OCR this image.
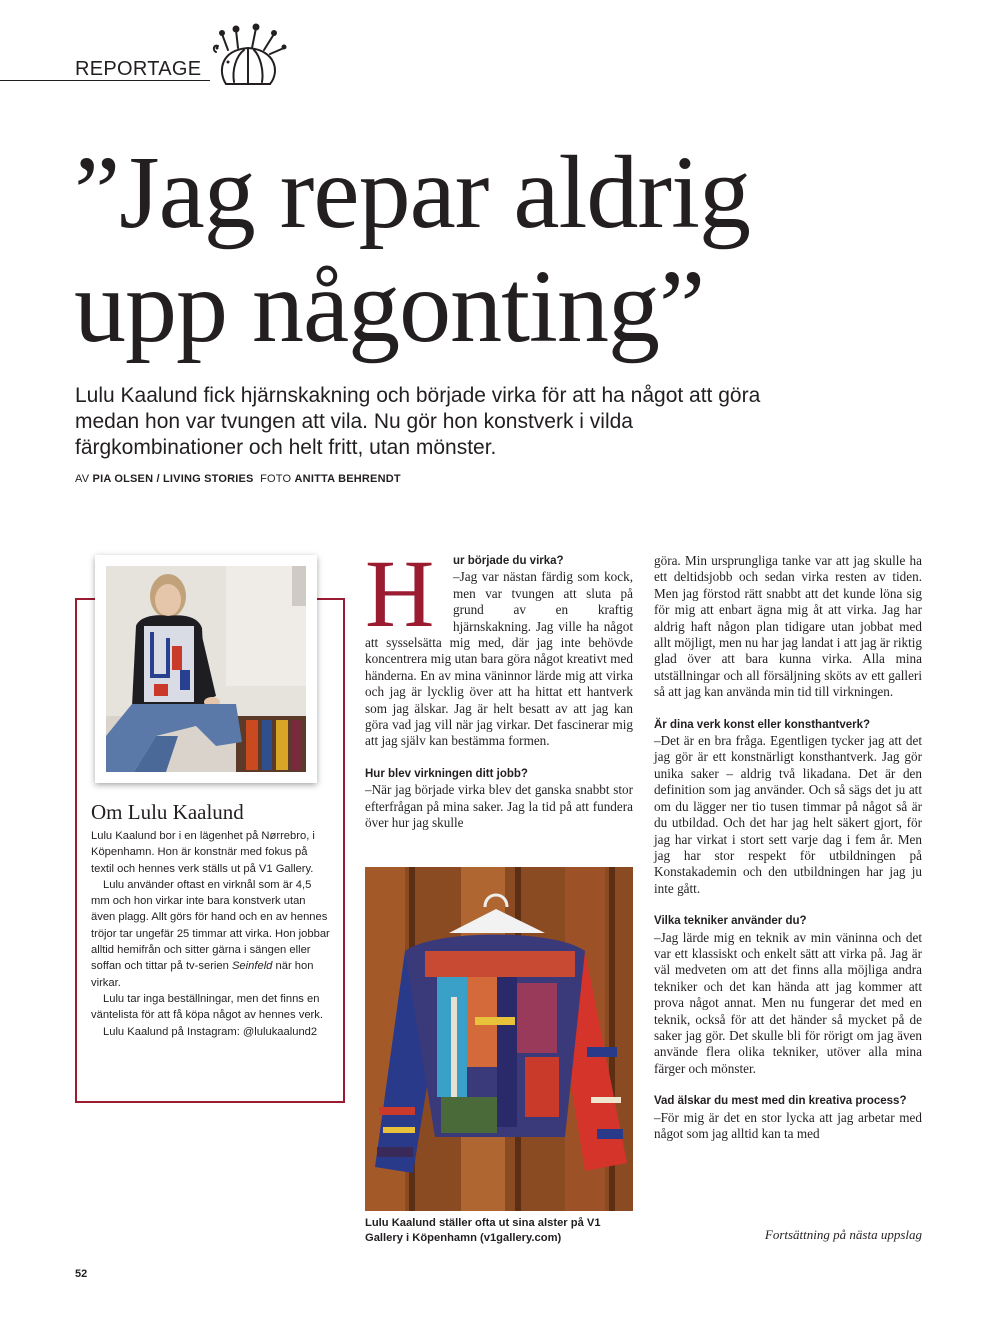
REPORTAGE
”Jag repar aldrig
upp någonting”
Lulu Kaalund fick hjärnskakning och började virka för att ha något att göra medan hon var tvungen att vila. Nu gör hon konstverk i vilda färgkombinationer och helt fritt, utan mönster.
AV PIA OLSEN / LIVING STORIES FOTO ANITTA BEHRENDT
Om Lulu Kaalund

Lulu Kaalund bor i en lägenhet på Nørrebro, i Köpenhamn. Hon är konstnär med fokus på textil och hennes verk ställs ut på V1 Gallery.

Lulu använder oftast en virknål som är 4,5 mm och hon virkar inte bara konstverk utan även plagg. Allt görs för hand och en av hennes tröjor tar ungefär 25 timmar att virka. Hon jobbar alltid hemifrån och sitter gärna i sängen eller soffan och tittar på tv-serien Seinfeld när hon virkar.

Lulu tar inga beställningar, men det finns en väntelista för att få köpa något av hennes verk.

Lulu Kaalund på Instagram: @lulukaalund2

H	ur började du virka?
–Jag var nästan färdig som kock, men var tvungen att sluta på grund av en kraftig hjärnskakning. Jag ville ha något att sysselsätta mig med, där jag inte behövde koncentrera mig utan bara göra något kreativt med händerna. En av mina väninnor lärde mig att virka och jag är lycklig över att ha hittat ett hantverk som jag älskar. Jag är helt besatt av att jag kan göra vad jag vill när jag virkar. Det fascinerar mig att jag själv kan bestämma formen.
Hur blev virkningen ditt jobb?
–När jag började virka blev det ganska snabbt stor efterfrågan på mina saker. Jag la tid på att fundera över hur jag skulle
Lulu Kaalund ställer ofta ut sina alster på V1 Gallery i Köpenhamn (v1gallery.com)
göra. Min ursprungliga tanke var att jag skulle ha ett deltidsjobb och sedan virka resten av tiden. Men jag förstod rätt snabbt att det kunde löna sig för mig att enbart ägna mig åt att virka. Jag har aldrig haft någon plan tidigare utan jobbat med allt möjligt, men nu har jag landat i att jag är riktig glad över att bara kunna virka. Alla mina utställningar och all försäljning sköts av ett galleri så att jag kan använda min tid till virkningen.
Är dina verk konst eller konsthantverk?
–Det är en bra fråga. Egentligen tycker jag att det jag gör är ett konstnärligt konsthantverk. Jag gör unika saker – aldrig två likadana. Det är den definition som jag använder. Och så sägs det ju att om du lägger ner tio tusen timmar på något så är du utbildad. Och det har jag helt säkert gjort, för jag har virkat i stort sett varje dag i fem år. Men jag har stor respekt för utbildningen på Konstakademin och den utbildningen har jag ju inte gått.
Vilka tekniker använder du?
–Jag lärde mig en teknik av min väninna och det var ett klassiskt och enkelt sätt att virka på. Jag är väl medveten om att det finns alla möjliga andra tekniker och det kan hända att jag kommer att prova något annat. Men nu fungerar det med en teknik, också för att det händer så mycket på de saker jag gör. Det skulle bli för rörigt om jag även använde flera olika tekniker, utöver alla mina färger och mönster.
Vad älskar du mest med din kreativa process?
–För mig är det en stor lycka att jag arbetar med något som jag alltid kan ta med
Fortsättning på nästa uppslag
52
